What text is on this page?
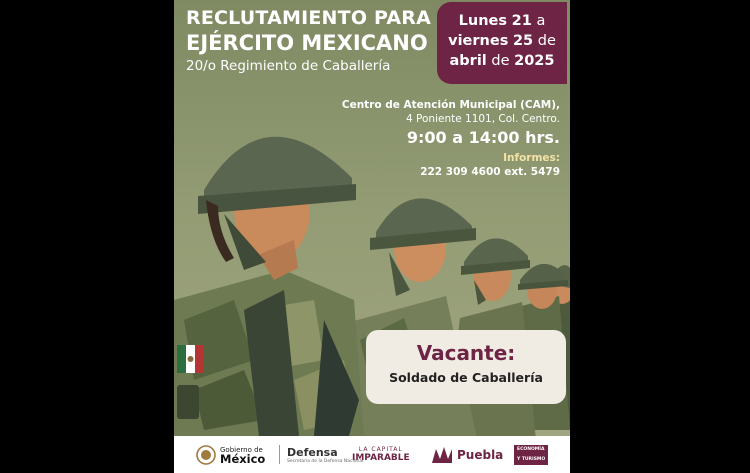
RECLUTAMIENTO PARA
EJÉRCITO MEXICANO
20/o Regimiento de Caballería
Lunes 21 a
viernes 25 de
abril de 2025
Centro de Atención Municipal (CAM),
4 Poniente 1101, Col. Centro.
9:00 a 14:00 hrs.
Informes:
222 309 4600 ext. 5479
Vacante:
Soldado de Caballería
Gobierno de
México Defensa
Secretaría de la Defensa Nacional
LA CAPITAL
IMPARABLE	Puebla	ECONOMÍA
Y TURISMO
